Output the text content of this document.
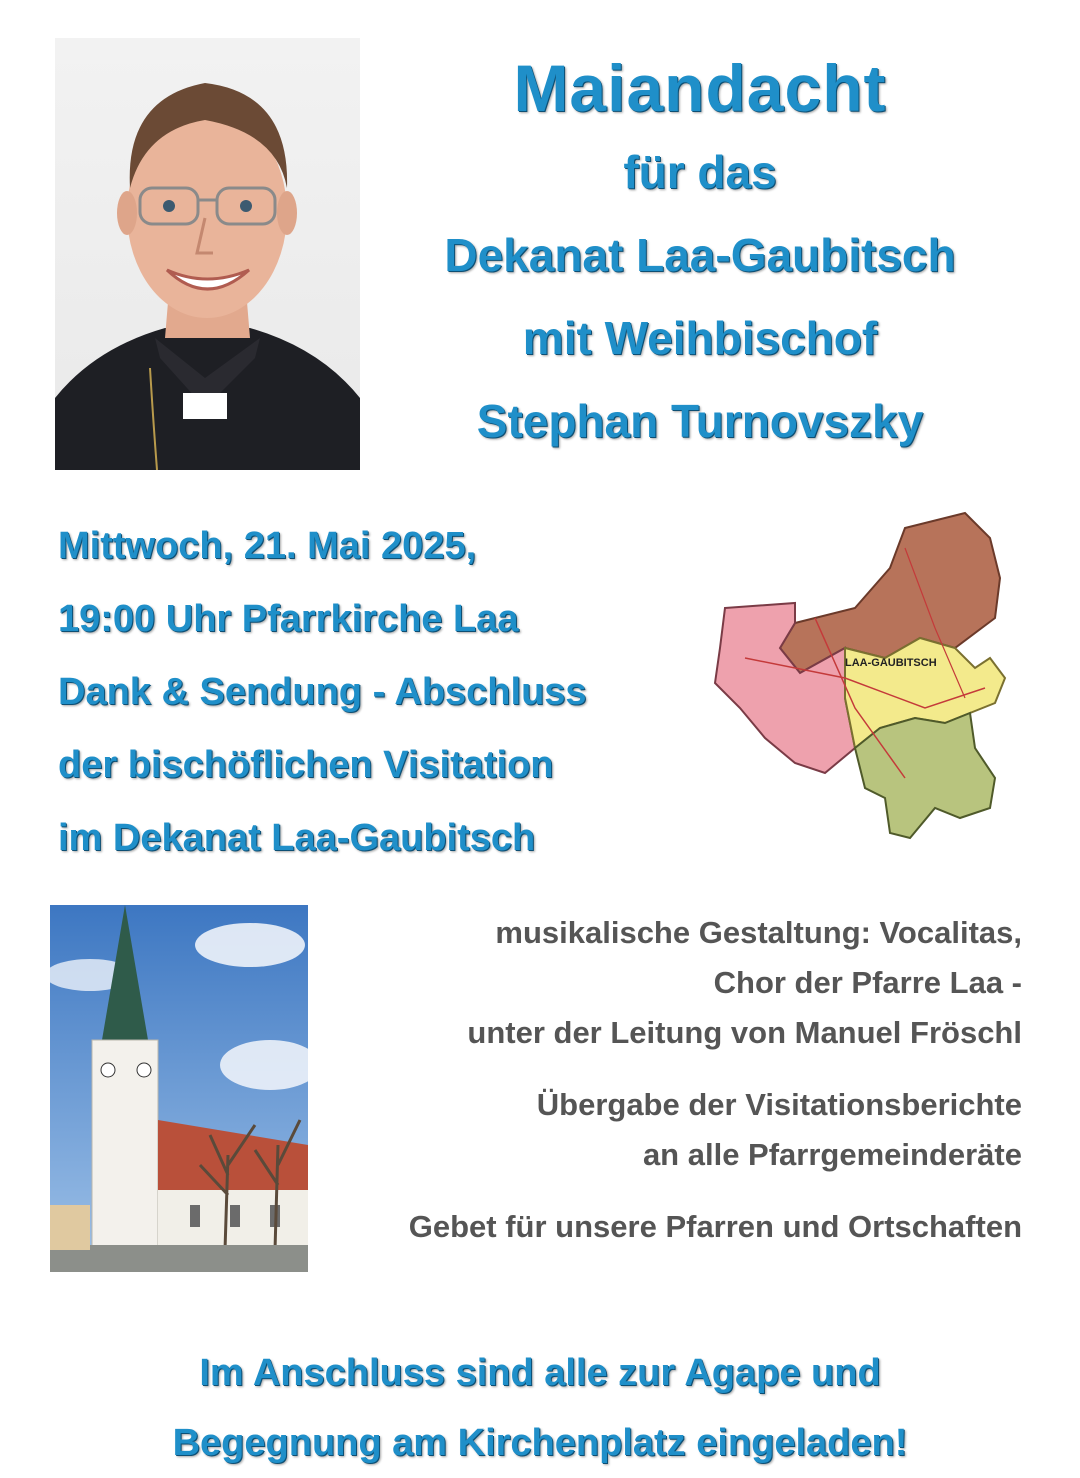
Maiandacht
für das
Dekanat Laa-Gaubitsch
mit Weihbischof
Stephan Turnovszky
Mittwoch, 21. Mai 2025,
19:00 Uhr Pfarrkirche Laa
Dank & Sendung - Abschluss
der bischöflichen Visitation
im Dekanat Laa-Gaubitsch
LAA-GAUBITSCH
musikalische Gestaltung: Vocalitas,
Chor der Pfarre Laa -
unter der Leitung von Manuel Fröschl
Übergabe der Visitationsberichte
an alle Pfarrgemeinderäte
Gebet für unsere Pfarren und Ortschaften
Im Anschluss sind alle zur Agape und
Begegnung am Kirchenplatz eingeladen!
